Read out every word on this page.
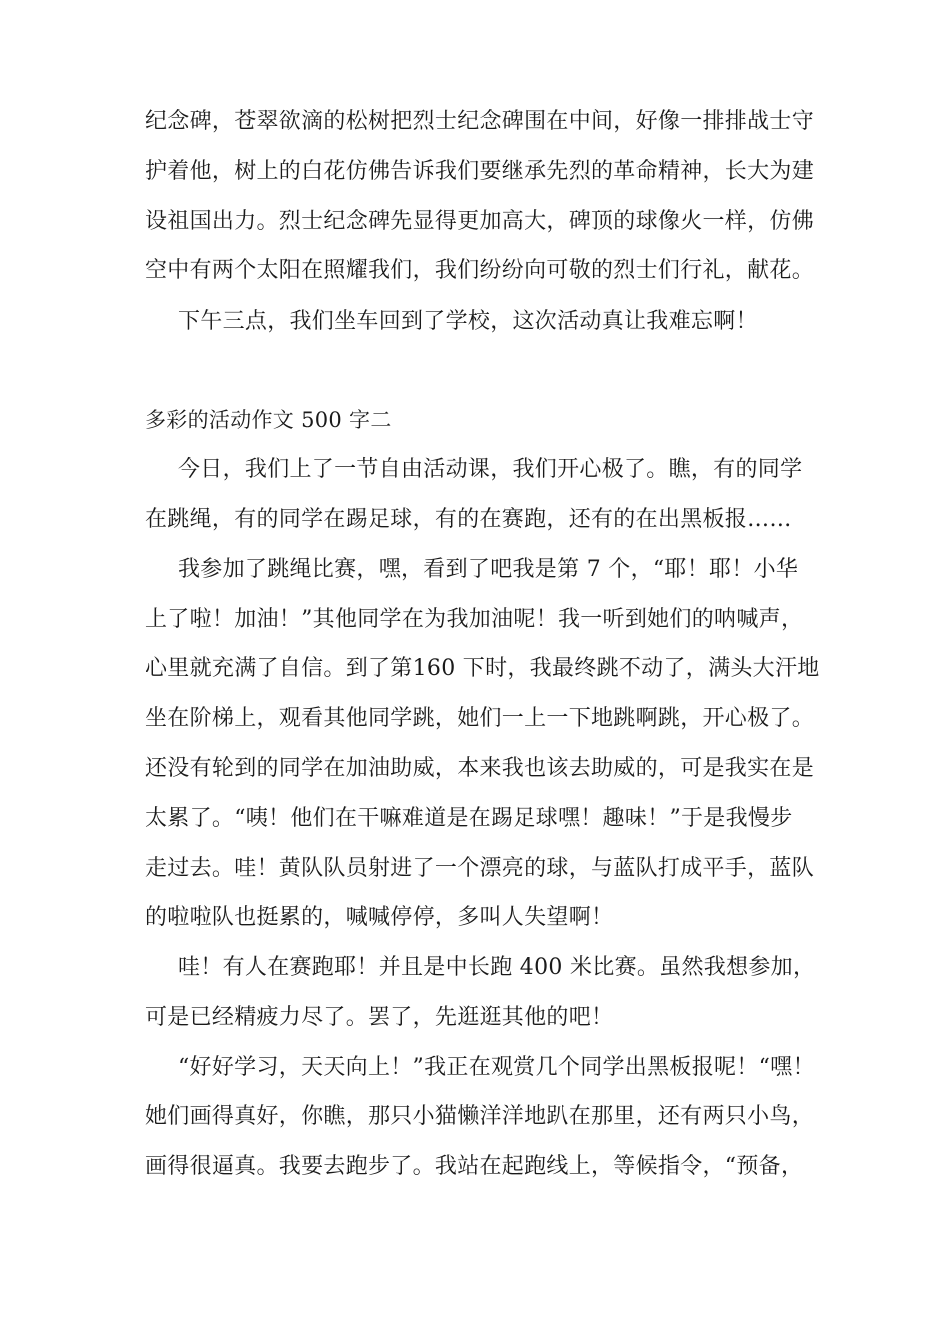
纪念碑，苍翠欲滴的松树把烈士纪念碑围在中间，好像一排排战士守
护着他，树上的白花仿佛告诉我们要继承先烈的革命精神，长大为建
设祖国出力。烈士纪念碑先显得更加高大，碑顶的球像火一样，仿佛
空中有两个太阳在照耀我们，我们纷纷向可敬的烈士们行礼，献花。
下午三点，我们坐车回到了学校，这次活动真让我难忘啊！
多彩的活动作文 500 字二
今日，我们上了一节自由活动课，我们开心极了。瞧，有的同学
在跳绳，有的同学在踢足球，有的在赛跑，还有的在出黑板报……
我参加了跳绳比赛，嘿，看到了吧我是第 7 个，“耶！耶！小华
上了啦！加油！”其他同学在为我加油呢！我一听到她们的呐喊声，
心里就充满了自信。到了第160 下时，我最终跳不动了，满头大汗地
坐在阶梯上，观看其他同学跳，她们一上一下地跳啊跳，开心极了。
还没有轮到的同学在加油助威，本来我也该去助威的，可是我实在是
太累了。“咦！他们在干嘛难道是在踢足球嘿！趣味！”于是我慢步
走过去。哇！黄队队员射进了一个漂亮的球，与蓝队打成平手，蓝队
的啦啦队也挺累的，喊喊停停，多叫人失望啊！
哇！有人在赛跑耶！并且是中长跑 400 米比赛。虽然我想参加，
可是已经精疲力尽了。罢了，先逛逛其他的吧！
“好好学习，天天向上！”我正在观赏几个同学出黑板报呢！“嘿！
她们画得真好，你瞧，那只小猫懒洋洋地趴在那里，还有两只小鸟，
画得很逼真。我要去跑步了。我站在起跑线上，等候指令，“预备，
